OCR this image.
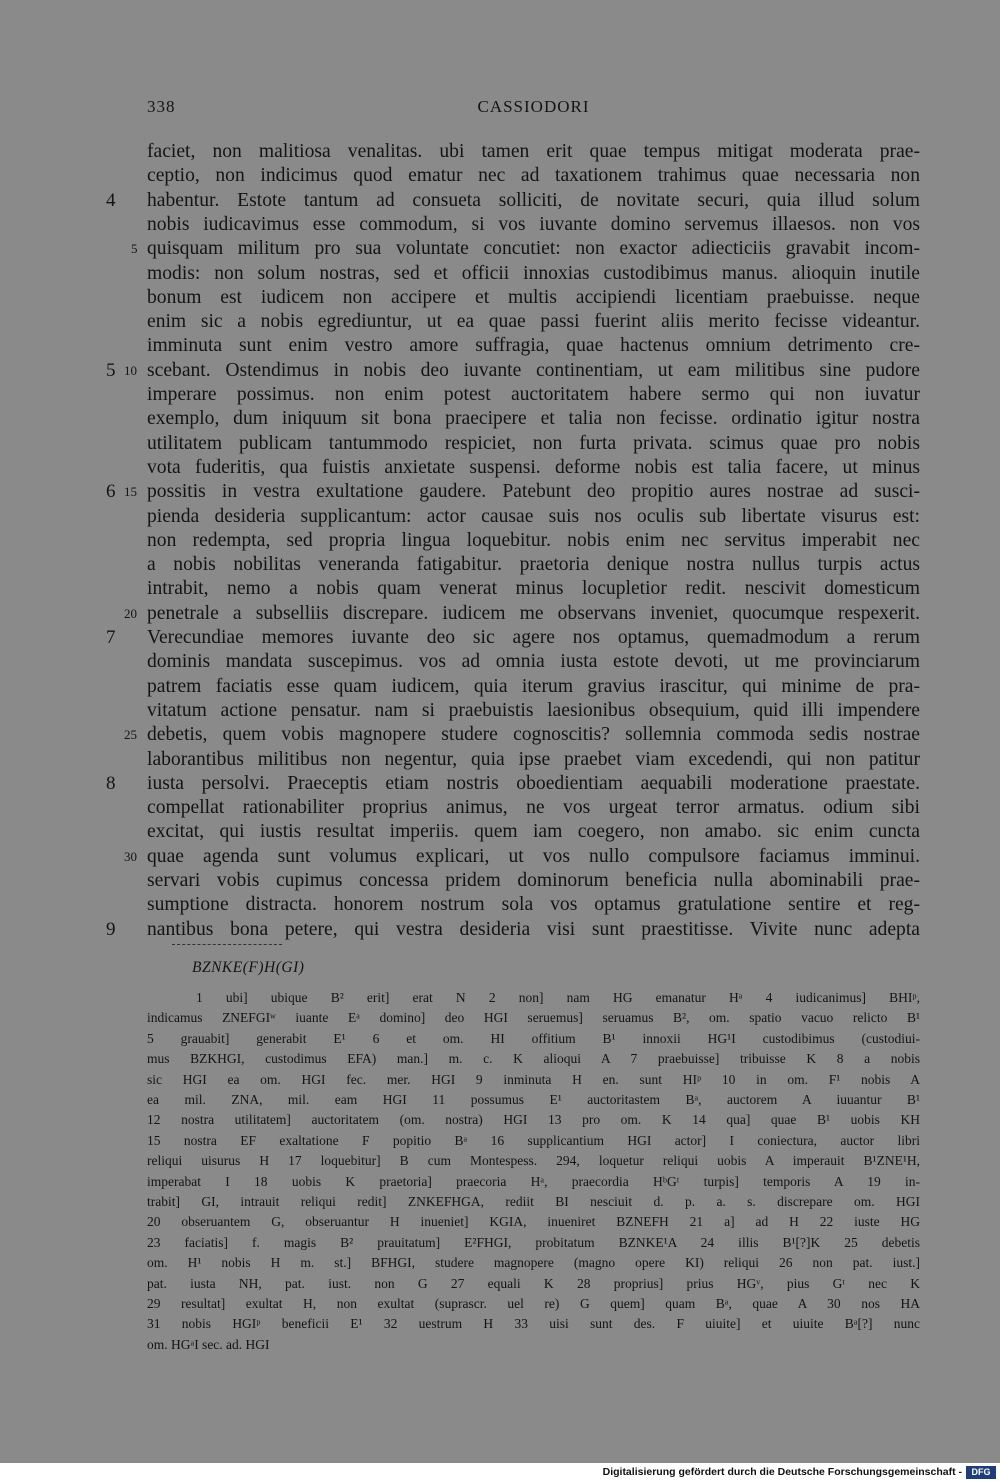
338	CASSIODORI
faciet, non malitiosa venalitas. ubi tamen erit quae tempus mitigat moderata prae-
ceptio, non indicimus quod ematur nec ad taxationem trahimus quae necessaria non
habentur. Estote tantum ad consueta solliciti, de novitate securi, quia illud solum
4
nobis iudicavimus esse commodum, si vos iuvante domino servemus illaesos. non vos
quisquam militum pro sua voluntate concutiet: non exactor adiecticiis gravabit incom-
5
modis: non solum nostras, sed et officii innoxias custodibimus manus. alioquin inutile
bonum est iudicem non accipere et multis accipiendi licentiam praebuisse. neque
enim sic a nobis egrediuntur, ut ea quae passi fuerint aliis merito fecisse videantur.
imminuta sunt enim vestro amore suffragia, quae hactenus omnium detrimento cre-
scebant. Ostendimus in nobis deo iuvante continentiam, ut eam militibus sine pudore
5 10
imperare possimus. non enim potest auctoritatem habere sermo qui non iuvatur
exemplo, dum iniquum sit bona praecipere et talia non fecisse. ordinatio igitur nostra
utilitatem publicam tantummodo respiciet, non furta privata. scimus quae pro nobis
vota fuderitis, qua fuistis anxietate suspensi. deforme nobis est talia facere, ut minus
possitis in vestra exultatione gaudere. Patebunt deo propitio aures nostrae ad susci-
6 15
pienda desideria supplicantum: actor causae suis nos oculis sub libertate visurus est:
non redempta, sed propria lingua loquebitur. nobis enim nec servitus imperabit nec
a nobis nobilitas veneranda fatigabitur. praetoria denique nostra nullus turpis actus
intrabit, nemo a nobis quam venerat minus locupletior redit. nescivit domesticum
penetrale a subselliis discrepare. iudicem me observans inveniet, quocumque respexerit.
20
Verecundiae memores iuvante deo sic agere nos optamus, quemadmodum a rerum
7
dominis mandata suscepimus. vos ad omnia iusta estote devoti, ut me provinciarum
patrem faciatis esse quam iudicem, quia iterum gravius irascitur, qui minime de pra-
vitatum actione pensatur. nam si praebuistis laesionibus obsequium, quid illi impendere
debetis, quem vobis magnopere studere cognoscitis? sollemnia commoda sedis nostrae
25
laborantibus militibus non negentur, quia ipse praebet viam excedendi, qui non patitur
iusta persolvi. Praeceptis etiam nostris oboedientiam aequabili moderatione praestate.
8
compellat rationabiliter proprius animus, ne vos urgeat terror armatus. odium sibi
excitat, qui iustis resultat imperiis. quem iam coegero, non amabo. sic enim cuncta
quae agenda sunt volumus explicari, ut vos nullo compulsore faciamus imminui.
30
servari vobis cupimus concessa pridem dominorum beneficia nulla abominabili prae-
sumptione distracta. honorem nostrum sola vos optamus gratulatione sentire et reg-
nantibus bona petere, qui vestra desideria visi sunt praestitisse. Vivite nunc adepta
9
BZNKE(F)H(GI)
1 ubi] ubique B² erit] erat N 2 non] nam HG emanatur Hᵃ 4 iudicanimus] BHIᵖ,
indicamus ZNEFGIʷ iuante Eᵃ domino] deo HGI seruemus] seruamus B², om. spatio vacuo relicto B¹
5 grauabit] generabit E¹ 6 et om. HI offitium B¹ innoxii HG¹I custodibimus (custodiui-
mus BZKHGI, custodimus EFA) man.] m. c. K alioqui A 7 praebuisse] tribuisse K 8 a nobis
sic HGI ea om. HGI fec. mer. HGI 9 inminuta H en. sunt HIᵖ 10 in om. F¹ nobis A
ea mil. ZNA, mil. eam HGI 11 possumus E¹ auctoritastem Bᵃ, auctorem A iuuantur B¹
12 nostra utilitatem] auctoritatem (om. nostra) HGI 13 pro om. K 14 qua] quae B¹ uobis KH
15 nostra EF exaltatione F popitio Bᵃ 16 supplicantium HGI actor] I coniectura, auctor libri
reliqui uisurus H 17 loquebitur] B cum Montespess. 294, loquetur reliqui uobis A imperauit B¹ZNE¹H,
imperabat I 18 uobis K praetoria] praecoria Hᵃ, praecordia HᵇGᵗ turpis] temporis A 19 in-
trabit] GI, intrauit reliqui redit] ZNKEFHGA, rediit BI nesciuit d. p. a. s. discrepare om. HGI
20 obseruantem G, obseruantur H inueniet] KGIA, inueniret BZNEFH 21 a] ad H 22 iuste HG
23 faciatis] f. magis B² prauitatum] E²FHGI, probitatum BZNKE¹A 24 illis B¹[?]K 25 debetis
om. H¹ nobis H m. st.] BFHGI, studere magnopere (magno opere KI) reliqui 26 non pat. iust.]
pat. iusta NH, pat. iust. non G 27 equali K 28 proprius] prius HGᵛ, pius Gᵗ nec K
29 resultat] exultat H, non exultat (suprascr. uel re) G quem] quam Bᵃ, quae A 30 nos HA
31 nobis HGIᵖ beneficii E¹ 32 uestrum H 33 uisi sunt des. F uiuite] et uiuite Bᵃ[?] nunc
om. HGᵃI sec. ad. HGI
Digitalisierung gefördert durch die Deutsche Forschungsgemeinschaft -	DFG
